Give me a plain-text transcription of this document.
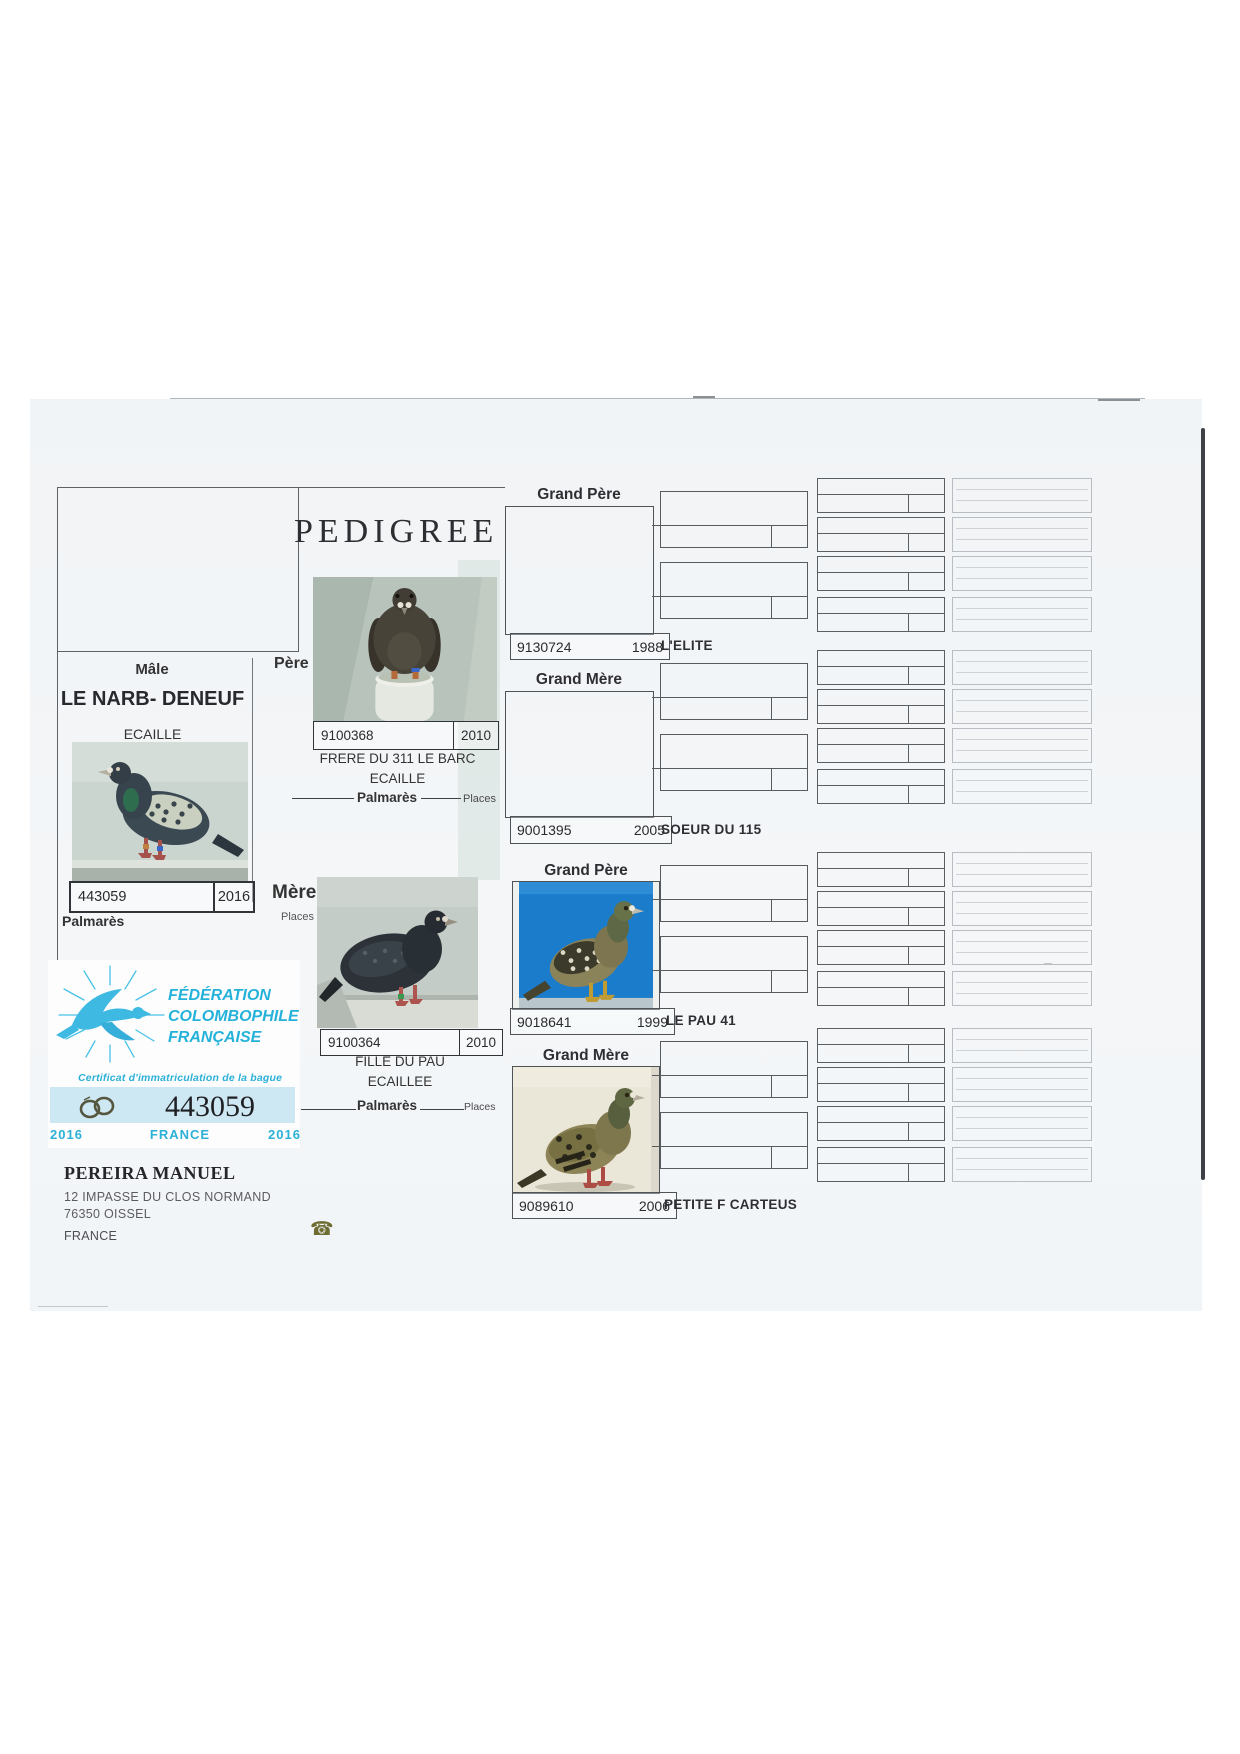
PEDIGREE
Mâle
LE NARB- DENEUF
ECAILLE
443059	2016
Palmarès
Père
9100368	2010
FRERE DU 311 LE BARC
ECAILLE
Palmarès	Places
Mère
Places
9100364	2010
FILLE DU PAU
ECAILLEE
Palmarès	Places
Grand Père
9130724	1988
L'ELITE
Grand Mère
9001395	2005
SOEUR DU 115
Grand Père
9018641	1999
LE PAU 41
Grand Mère
9089610	2006
PETITE F CARTEUS
FÉDÉRATION
COLOMBOPHILE
FRANÇAISE
Certificat d'immatriculation de la bague
443059
2016	FRANCE	2016
PEREIRA MANUEL
12 IMPASSE DU CLOS NORMAND
76350 OISSEL
FRANCE	☎
